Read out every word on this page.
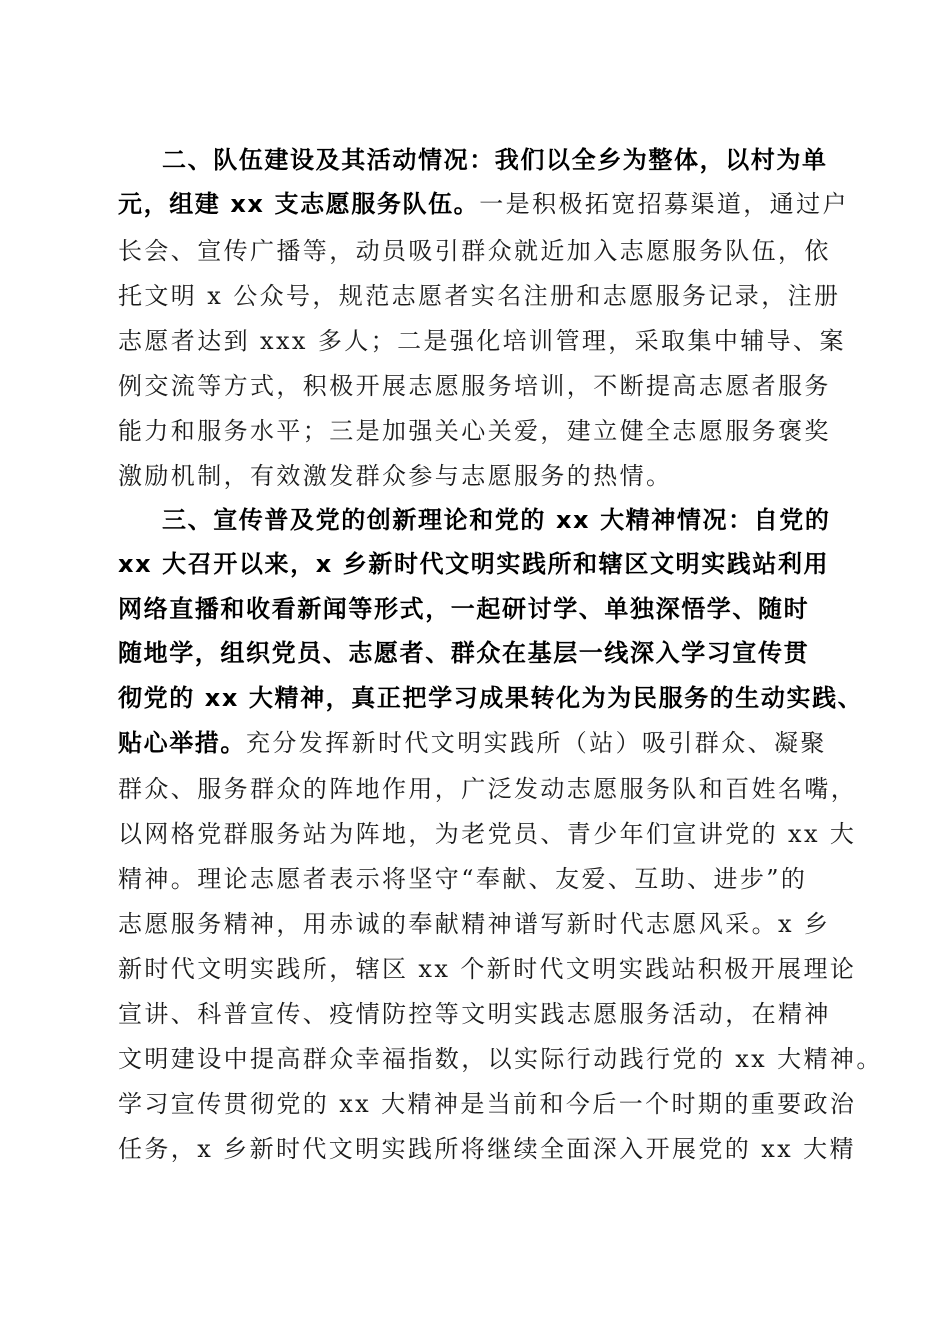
二、队伍建设及其活动情况：我们以全乡为整体，以村为单
元，组建 xx 支志愿服务队伍。一是积极拓宽招募渠道，通过户
长会、宣传广播等，动员吸引群众就近加入志愿服务队伍，依
托文明 x 公众号，规范志愿者实名注册和志愿服务记录，注册
志愿者达到 xxx 多人；二是强化培训管理，采取集中辅导、案
例交流等方式，积极开展志愿服务培训，不断提高志愿者服务
能力和服务水平；三是加强关心关爱，建立健全志愿服务褒奖
激励机制，有效激发群众参与志愿服务的热情。
三、宣传普及党的创新理论和党的 xx 大精神情况：自党的
xx 大召开以来，x 乡新时代文明实践所和辖区文明实践站利用
网络直播和收看新闻等形式，一起研讨学、单独深悟学、随时
随地学，组织党员、志愿者、群众在基层一线深入学习宣传贯
彻党的 xx 大精神，真正把学习成果转化为为民服务的生动实践、
贴心举措。充分发挥新时代文明实践所（站）吸引群众、凝聚
群众、服务群众的阵地作用，广泛发动志愿服务队和百姓名嘴，
以网格党群服务站为阵地，为老党员、青少年们宣讲党的 xx 大
精神。理论志愿者表示将坚守“奉献、友爱、互助、进步”的
志愿服务精神，用赤诚的奉献精神谱写新时代志愿风采。x 乡
新时代文明实践所，辖区 xx 个新时代文明实践站积极开展理论
宣讲、科普宣传、疫情防控等文明实践志愿服务活动，在精神
文明建设中提高群众幸福指数，以实际行动践行党的 xx 大精神。
学习宣传贯彻党的 xx 大精神是当前和今后一个时期的重要政治
任务，x 乡新时代文明实践所将继续全面深入开展党的 xx 大精
